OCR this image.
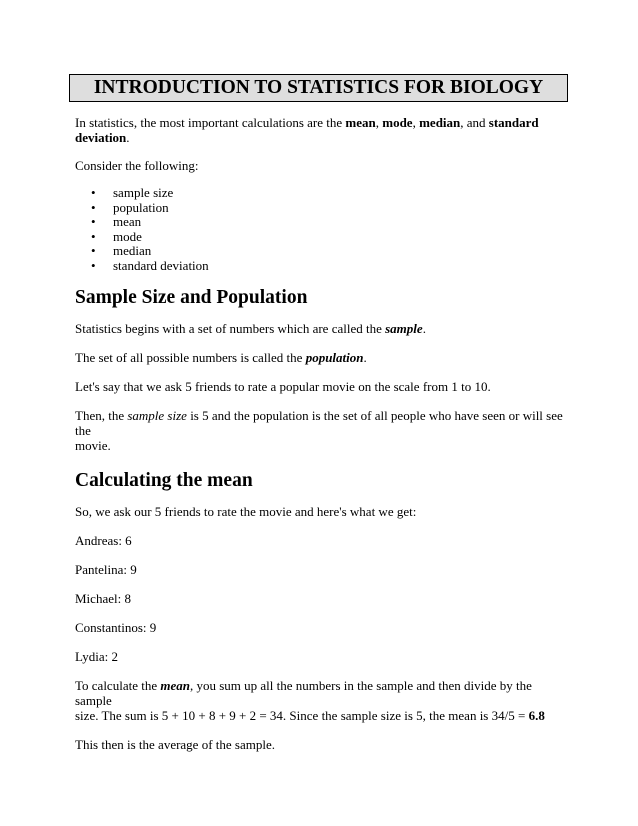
INTRODUCTION TO STATISTICS FOR BIOLOGY

In statistics, the most important calculations are the mean, mode, median, and standard
deviation.

Consider the following:

• sample size
• population
• mean
• mode
• median
• standard deviation
Sample Size and Population

Statistics begins with a set of numbers which are called the sample.

The set of all possible numbers is called the population.

Let's say that we ask 5 friends to rate a popular movie on the scale from 1 to 10.

Then, the sample size is 5 and the population is the set of all people who have seen or will see the
movie.

Calculating the mean

So, we ask our 5 friends to rate the movie and here's what we get:

Andreas: 6

Pantelina: 9

Michael: 8

Constantinos: 9

Lydia: 2

To calculate the mean, you sum up all the numbers in the sample and then divide by the sample
size. The sum is 5 + 10 + 8 + 9 + 2 = 34. Since the sample size is 5, the mean is 34/5 = 6.8

This then is the average of the sample.
